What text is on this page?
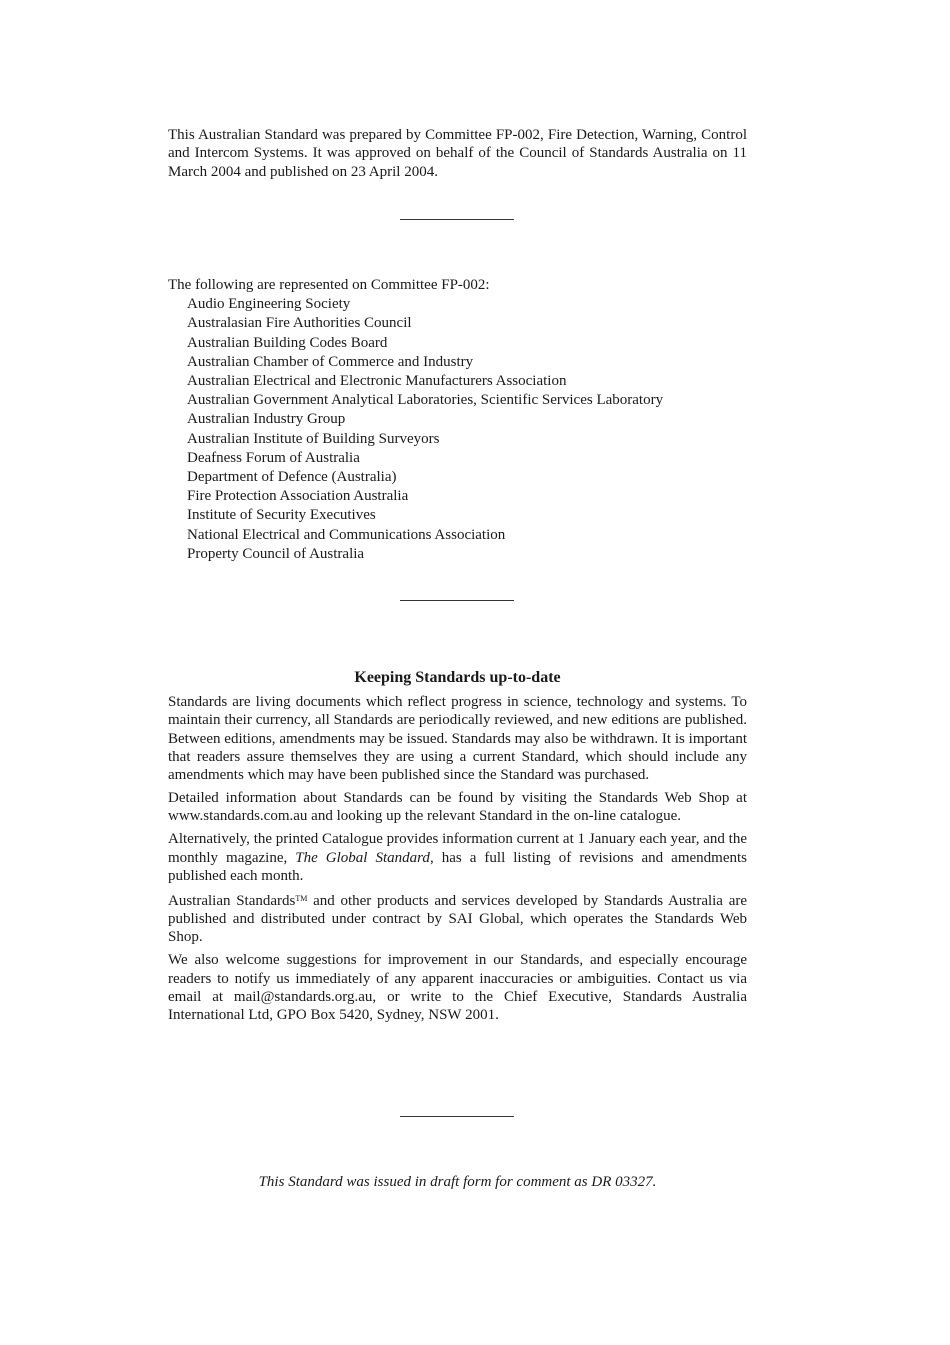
This Australian Standard was prepared by Committee FP-002, Fire Detection, Warning, Control and Intercom Systems. It was approved on behalf of the Council of Standards Australia on 11 March 2004 and published on 23 April 2004.

The following are represented on Committee FP-002:
Audio Engineering Society
Australasian Fire Authorities Council
Australian Building Codes Board
Australian Chamber of Commerce and Industry
Australian Electrical and Electronic Manufacturers Association
Australian Government Analytical Laboratories, Scientific Services Laboratory
Australian Industry Group
Australian Institute of Building Surveyors
Deafness Forum of Australia
Department of Defence (Australia)
Fire Protection Association Australia
Institute of Security Executives
National Electrical and Communications Association
Property Council of Australia
Keeping Standards up-to-date

Standards are living documents which reflect progress in science, technology and systems. To maintain their currency, all Standards are periodically reviewed, and new editions are published. Between editions, amendments may be issued. Standards may also be withdrawn. It is important that readers assure themselves they are using a current Standard, which should include any amendments which may have been published since the Standard was purchased.

Detailed information about Standards can be found by visiting the Standards Web Shop at www.standards.com.au and looking up the relevant Standard in the on-line catalogue.

Alternatively, the printed Catalogue provides information current at 1 January each year, and the monthly magazine, The Global Standard, has a full listing of revisions and amendments published each month.

Australian Standards™ and other products and services developed by Standards Australia are published and distributed under contract by SAI Global, which operates the Standards Web Shop.

We also welcome suggestions for improvement in our Standards, and especially encourage readers to notify us immediately of any apparent inaccuracies or ambiguities. Contact us via email at mail@standards.org.au, or write to the Chief Executive, Standards Australia International Ltd, GPO Box 5420, Sydney, NSW 2001.

This Standard was issued in draft form for comment as DR 03327.
